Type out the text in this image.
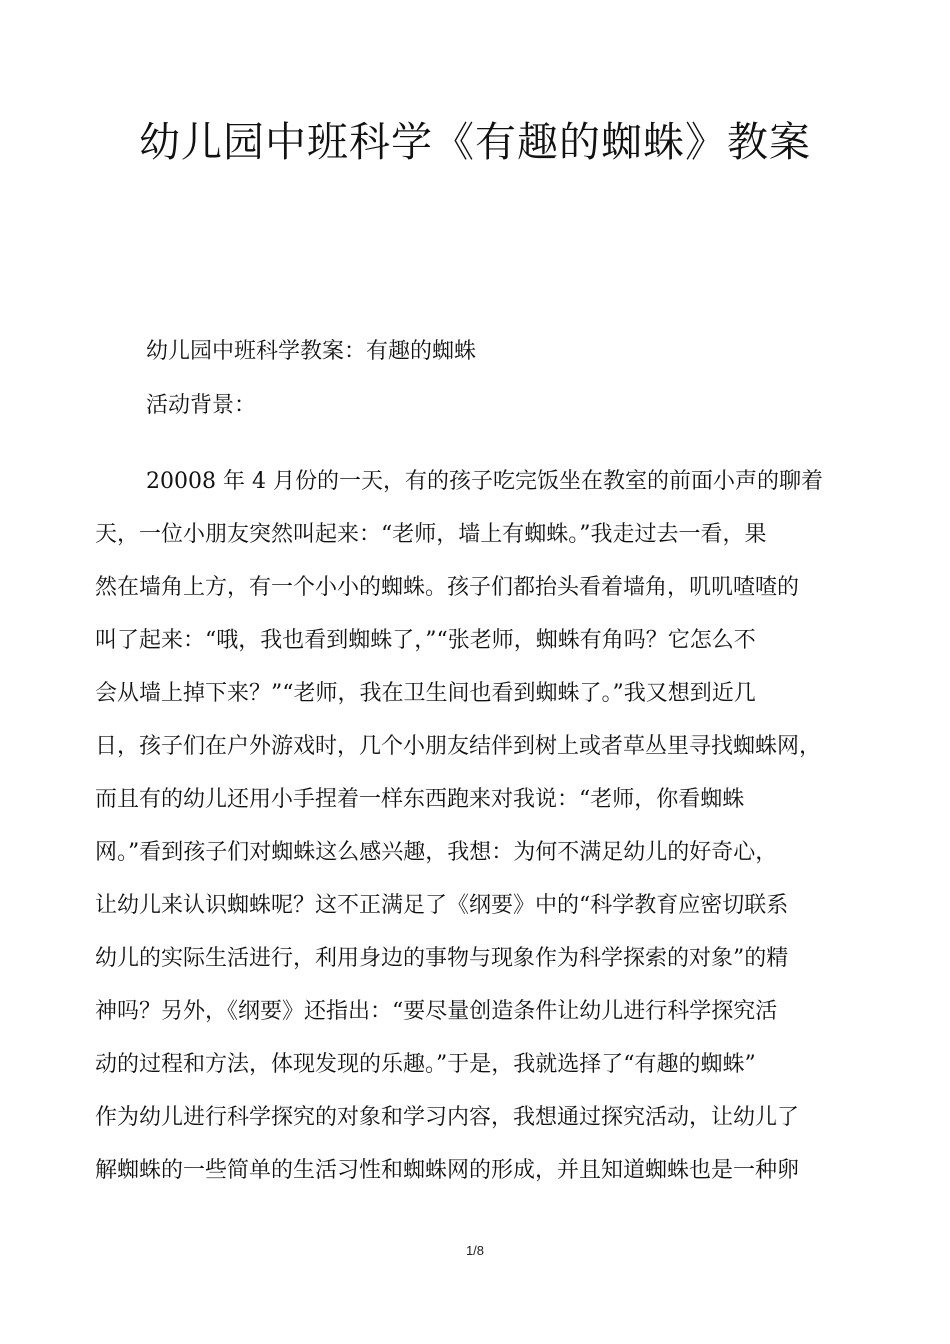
幼儿园中班科学《有趣的蜘蛛》教案

幼儿园中班科学教案：有趣的蜘蛛

活动背景：

20008 年 4 月份的一天，有的孩子吃完饭坐在教室的前面小声的聊着

天，一位小朋友突然叫起来：“老师，墙上有蜘蛛。”我走过去一看，果

然在墙角上方，有一个小小的蜘蛛。孩子们都抬头看着墙角，叽叽喳喳的

叫了起来：“哦，我也看到蜘蛛了，”“张老师，蜘蛛有角吗？它怎么不

会从墙上掉下来？”“老师，我在卫生间也看到蜘蛛了。”我又想到近几

日，孩子们在户外游戏时，几个小朋友结伴到树上或者草丛里寻找蜘蛛网，

而且有的幼儿还用小手捏着一样东西跑来对我说：“老师，你看蜘蛛

网。”看到孩子们对蜘蛛这么感兴趣，我想：为何不满足幼儿的好奇心，

让幼儿来认识蜘蛛呢？这不正满足了《纲要》中的“科学教育应密切联系

幼儿的实际生活进行，利用身边的事物与现象作为科学探索的对象”的精

神吗？另外，《纲要》还指出：“要尽量创造条件让幼儿进行科学探究活

动的过程和方法，体现发现的乐趣。”于是，我就选择了“有趣的蜘蛛”

作为幼儿进行科学探究的对象和学习内容，我想通过探究活动，让幼儿了

解蜘蛛的一些简单的生活习性和蜘蛛网的形成，并且知道蜘蛛也是一种卵

1/8
